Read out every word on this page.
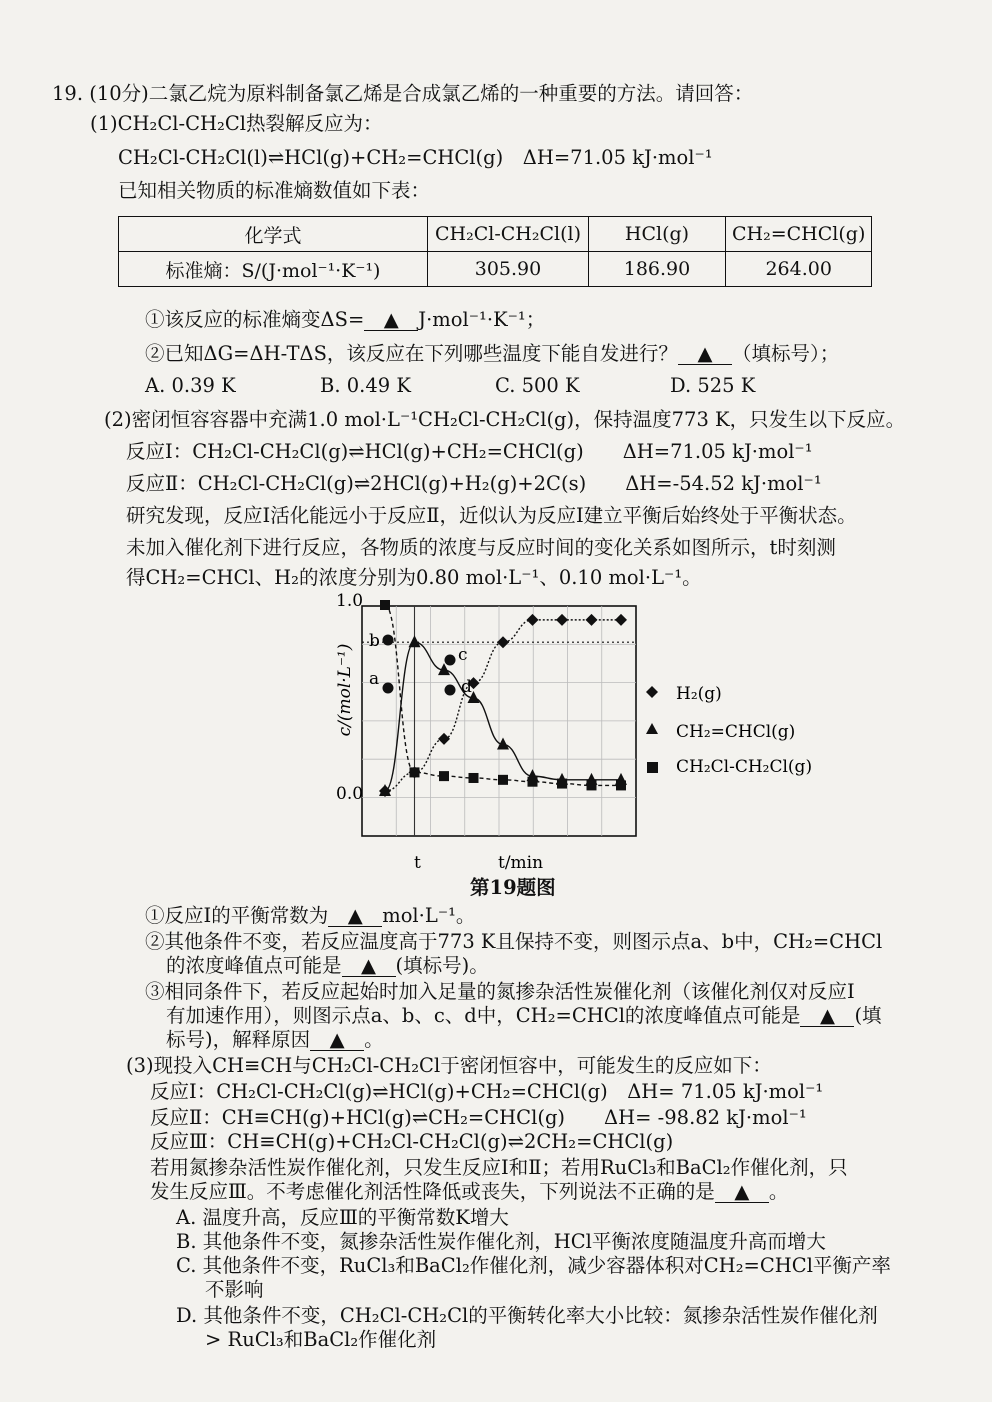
19. (10分)二氯乙烷为原料制备氯乙烯是合成氯乙烯的一种重要的方法。请回答：
(1)CH₂Cl-CH₂Cl热裂解反应为：
CH₂Cl-CH₂Cl(l)⇌HCl(g)+CH₂=CHCl(g)　ΔH=71.05 kJ·mol⁻¹
已知相关物质的标准熵数值如下表：
化学式	CH₂Cl-CH₂Cl(l)	HCl(g)	CH₂=CHCl(g)
标准熵：S/(J·mol⁻¹·K⁻¹)	305.90	186.90	264.00
①该反应的标准熵变ΔS= ▲ J·mol⁻¹·K⁻¹；
②已知ΔG=ΔH-TΔS，该反应在下列哪些温度下能自发进行？ ▲ （填标号）；
A. 0.39 K	B. 0.49 K	C. 500 K	D. 525 K
(2)密闭恒容容器中充满1.0 mol·L⁻¹CH₂Cl-CH₂Cl(g)，保持温度773 K，只发生以下反应。
反应Ⅰ：CH₂Cl-CH₂Cl(g)⇌HCl(g)+CH₂=CHCl(g)　　ΔH=71.05 kJ·mol⁻¹
反应Ⅱ：CH₂Cl-CH₂Cl(g)⇌2HCl(g)+H₂(g)+2C(s)　　ΔH=-54.52 kJ·mol⁻¹
研究发现，反应Ⅰ活化能远小于反应Ⅱ，近似认为反应Ⅰ建立平衡后始终处于平衡状态。
未加入催化剂下进行反应，各物质的浓度与反应时间的变化关系如图所示，t时刻测
得CH₂=CHCl、H₂的浓度分别为0.80 mol·L⁻¹、0.10 mol·L⁻¹。
1.0
0.0
t	t/min
c/(mol·L⁻¹)
b
a
c
d	H₂(g)
CH₂=CHCl(g)
CH₂Cl-CH₂Cl(g)
第19题图
①反应Ⅰ的平衡常数为 ▲ mol·L⁻¹。
②其他条件不变，若反应温度高于773 K且保持不变，则图示点a、b中，CH₂=CHCl
的浓度峰值点可能是 ▲ (填标号)。
③相同条件下，若反应起始时加入足量的氮掺杂活性炭催化剂（该催化剂仅对反应Ⅰ
有加速作用），则图示点a、b、c、d中，CH₂=CHCl的浓度峰值点可能是 ▲ (填
标号)，解释原因 ▲ 。
(3)现投入CH≡CH与CH₂Cl-CH₂Cl于密闭恒容中，可能发生的反应如下：
反应Ⅰ：CH₂Cl-CH₂Cl(g)⇌HCl(g)+CH₂=CHCl(g)　ΔH= 71.05 kJ·mol⁻¹
反应Ⅱ：CH≡CH(g)+HCl(g)⇌CH₂=CHCl(g)　　ΔH= -98.82 kJ·mol⁻¹
反应Ⅲ：CH≡CH(g)+CH₂Cl-CH₂Cl(g)⇌2CH₂=CHCl(g)
若用氮掺杂活性炭作催化剂，只发生反应Ⅰ和Ⅱ；若用RuCl₃和BaCl₂作催化剂，只
发生反应Ⅲ。不考虑催化剂活性降低或丧失，下列说法不正确的是 ▲ 。
A. 温度升高，反应Ⅲ的平衡常数K增大
B. 其他条件不变，氮掺杂活性炭作催化剂，HCl平衡浓度随温度升高而增大
C. 其他条件不变，RuCl₃和BaCl₂作催化剂，减少容器体积对CH₂=CHCl平衡产率
不影响
D. 其他条件不变，CH₂Cl-CH₂Cl的平衡转化率大小比较：氮掺杂活性炭作催化剂
> RuCl₃和BaCl₂作催化剂
